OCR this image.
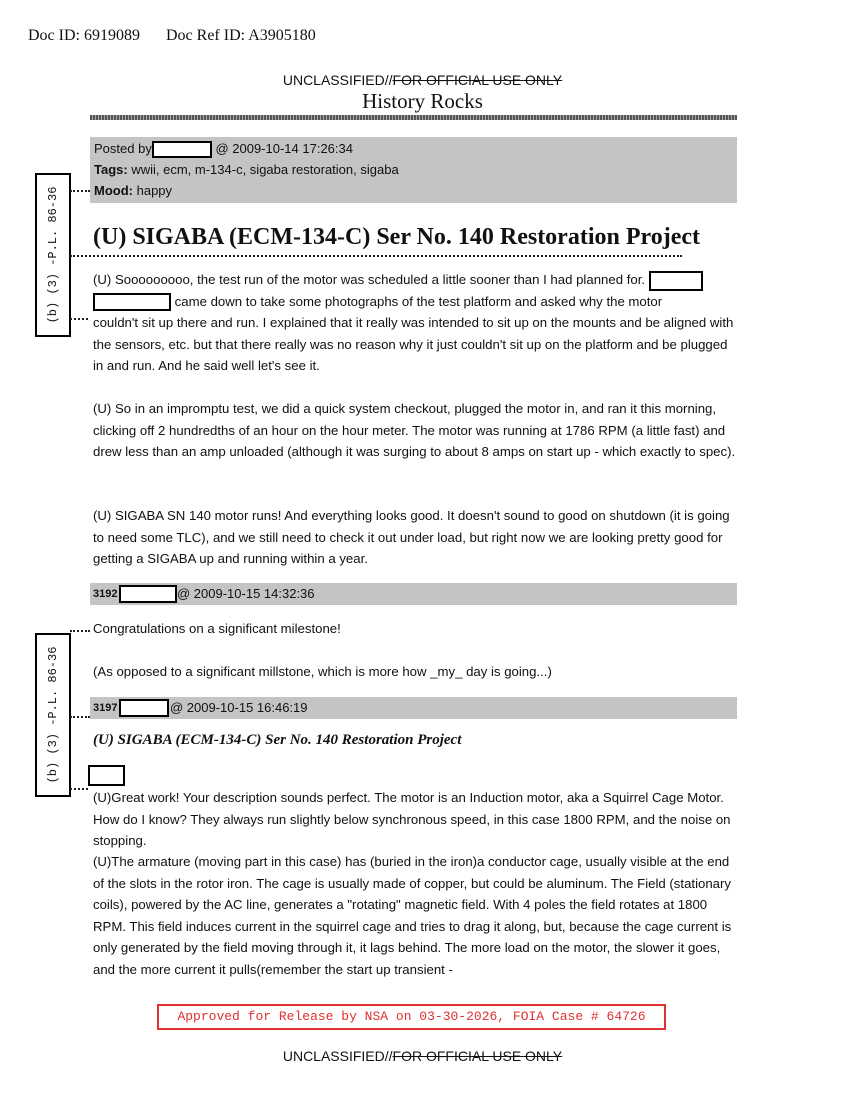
Doc ID: 6919089 Doc Ref ID: A3905180
UNCLASSIFIED//FOR OFFICIAL USE ONLY
History Rocks
Posted by	@ 2009-10-14 17:26:34
Tags: wwii, ecm, m-134-c, sigaba restoration, sigaba
Mood: happy
(b) (3) -P.L. 86-36
(b) (3) -P.L. 86-36
(U) SIGABA (ECM-134-C) Ser No. 140 Restoration Project

(U) Sooooooooo, the test run of the motor was scheduled a little sooner than I had planned for.

came down to take some photographs of the test platform and asked why the motor

couldn't sit up there and run. I explained that it really was intended to sit up on the mounts and be aligned with the sensors, etc. but that there really was no reason why it just couldn't sit up on the platform and be plugged in and run. And he said well let's see it.

(U) So in an impromptu test, we did a quick system checkout, plugged the motor in, and ran it this morning, clicking off 2 hundredths of an hour on the hour meter. The motor was running at 1786 RPM (a little fast) and drew less than an amp unloaded (although it was surging to about 8 amps on start up - which exactly to spec).
(U) SIGABA SN 140 motor runs! And everything looks good. It doesn't sound to good on shutdown (it is going to need some TLC), and we still need to check it out under load, but right now we are looking pretty good for getting a SIGABA up and running within a year.
3192	@ 2009-10-15 14:32:36
Congratulations on a significant milestone!
(As opposed to a significant millstone, which is more how _my_ day is going...)
3197	@ 2009-10-15 16:46:19
(U) SIGABA (ECM-134-C) Ser No. 140 Restoration Project
(U)Great work! Your description sounds perfect. The motor is an Induction motor, aka a Squirrel Cage Motor. How do I know? They always run slightly below synchronous speed, in this case 1800 RPM, and the noise on stopping.
(U)The armature (moving part in this case) has (buried in the iron)a conductor cage, usually visible at the end of the slots in the rotor iron. The cage is usually made of copper, but could be aluminum. The Field (stationary coils), powered by the AC line, generates a "rotating" magnetic field. With 4 poles the field rotates at 1800 RPM. This field induces current in the squirrel cage and tries to drag it along, but, because the cage current is only generated by the field moving through it, it lags behind. The more load on the motor, the slower it goes, and the more current it pulls(remember the start up transient -
Approved for Release by NSA on 03-30-2026, FOIA Case # 64726
UNCLASSIFIED//FOR OFFICIAL USE ONLY
